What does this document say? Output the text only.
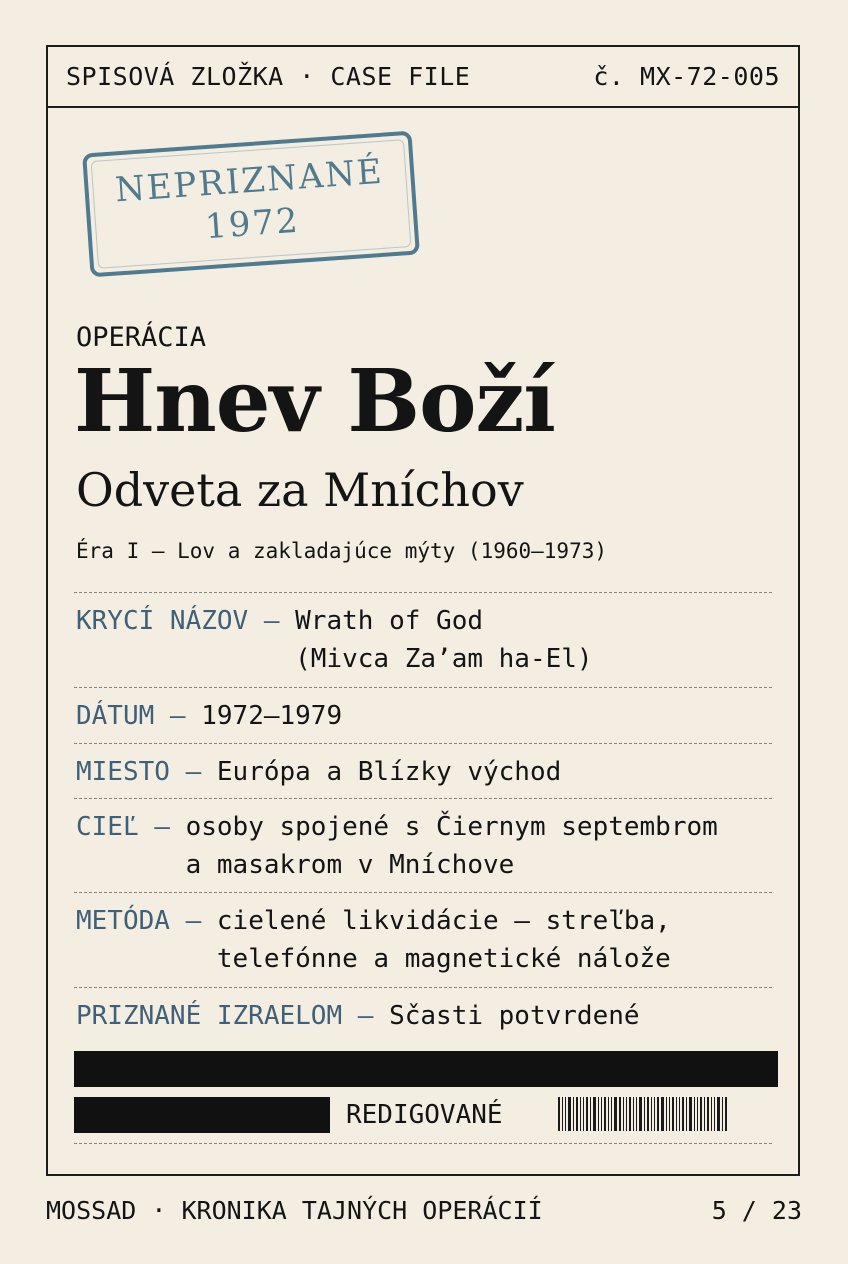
SPISOVÁ ZLOŽKA · CASE FILE	č. MX-72-005
NEPRIZNANÉ
1972
OPERÁCIA
Hnev Boží
Odveta za Mníchov
Éra I — Lov a zakladajúce mýty (1960–1973)
KRYCÍ NÁZOV — Wrath of God
(Mivca Za’am ha-El)
DÁTUM — 1972–1979
MIESTO — Európa a Blízky východ
CIEĽ — osoby spojené s Čiernym septembrom
a masakrom v Mníchove
METÓDA — cielené likvidácie — streľba,
telefónne a magnetické nálože
PRIZNANÉ IZRAELOM — Sčasti potvrdené
REDIGOVANÉ
MOSSAD · KRONIKA TAJNÝCH OPERÁCIÍ	5 / 23
